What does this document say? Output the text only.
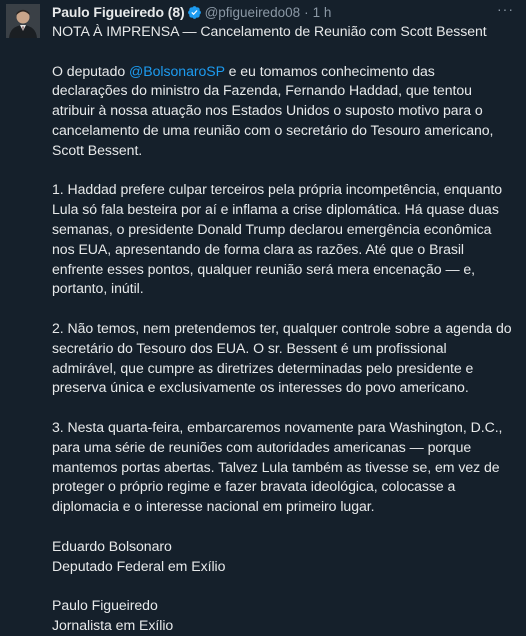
Paulo Figueiredo (8) @pfigueiredo08 · 1 h	···

NOTA À IMPRENSA — Cancelamento de Reunião com Scott Bessent

O deputado @BolsonaroSP e eu tomamos conhecimento das declarações do ministro da Fazenda, Fernando Haddad, que tentou atribuir à nossa atuação nos Estados Unidos o suposto motivo para o cancelamento de uma reunião com o secretário do Tesouro americano, Scott Bessent.

1. Haddad prefere culpar terceiros pela própria incompetência, enquanto Lula só fala besteira por aí e inflama a crise diplomática. Há quase duas semanas, o presidente Donald Trump declarou emergência econômica nos EUA, apresentando de forma clara as razões. Até que o Brasil enfrente esses pontos, qualquer reunião será mera encenação — e, portanto, inútil.

2. Não temos, nem pretendemos ter, qualquer controle sobre a agenda do secretário do Tesouro dos EUA. O sr. Bessent é um profissional admirável, que cumpre as diretrizes determinadas pelo presidente e preserva única e exclusivamente os interesses do povo americano.

3. Nesta quarta-feira, embarcaremos novamente para Washington, D.C., para uma série de reuniões com autoridades americanas — porque mantemos portas abertas. Talvez Lula também as tivesse se, em vez de proteger o próprio regime e fazer bravata ideológica, colocasse a diplomacia e o interesse nacional em primeiro lugar.

Eduardo Bolsonaro
Deputado Federal em Exílio

Paulo Figueiredo
Jornalista em Exílio
